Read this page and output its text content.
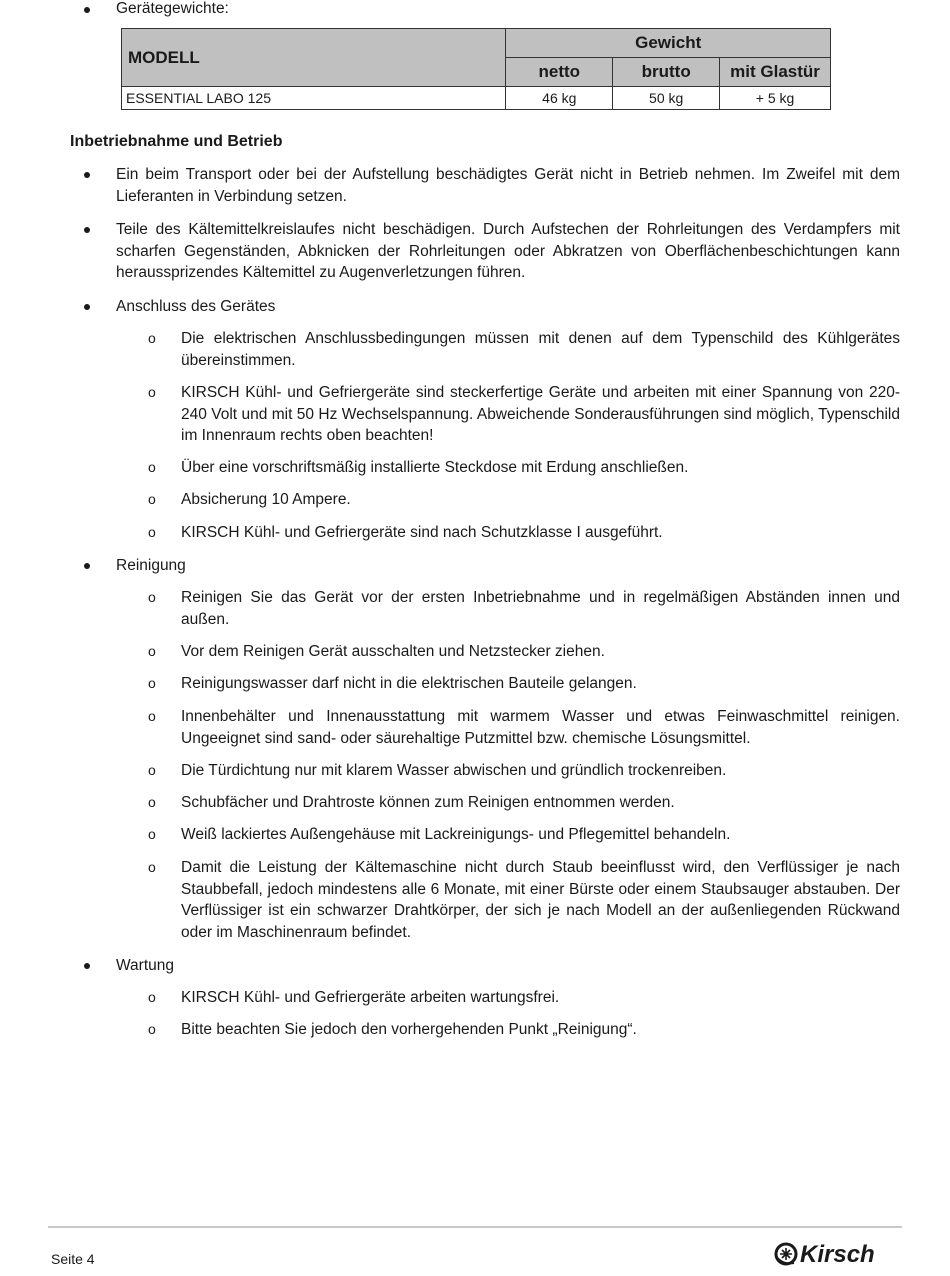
Gerätegewichte:
MODELL	Gewicht		
	netto	brutto	mit Glastür
ESSENTIAL LABO 125	46 kg	50 kg	+ 5 kg
Inbetriebnahme und Betrieb
Ein beim Transport oder bei der Aufstellung beschädigtes Gerät nicht in Betrieb nehmen. Im Zweifel mit dem Lieferanten in Verbindung setzen.
Teile des Kältemittelkreislaufes nicht beschädigen. Durch Aufstechen der Rohrleitungen des Verdampfers mit scharfen Gegenständen, Abknicken der Rohrleitungen oder Abkratzen von Oberflächenbeschichtungen kann heraussprizendes Kältemittel zu Augenverletzungen führen.
Anschluss des Gerätes
o Die elektrischen Anschlussbedingungen müssen mit denen auf dem Typenschild des Kühlgerätes übereinstimmen.
o KIRSCH Kühl- und Gefriergeräte sind steckerfertige Geräte und arbeiten mit einer Spannung von 220-240 Volt und mit 50 Hz Wechselspannung. Abweichende Sonderausführungen sind möglich, Typenschild im Innenraum rechts oben beachten!
o Über eine vorschriftsmäßig installierte Steckdose mit Erdung anschließen.
o Absicherung 10 Ampere.
o KIRSCH Kühl- und Gefriergeräte sind nach Schutzklasse I ausgeführt.
Reinigung
o Reinigen Sie das Gerät vor der ersten Inbetriebnahme und in regelmäßigen Abständen innen und außen.
o Vor dem Reinigen Gerät ausschalten und Netzstecker ziehen.
o Reinigungswasser darf nicht in die elektrischen Bauteile gelangen.
o Innenbehälter und Innenausstattung mit warmem Wasser und etwas Feinwaschmittel reinigen. Ungeeignet sind sand- oder säurehaltige Putzmittel bzw. chemische Lösungsmittel.
o Die Türdichtung nur mit klarem Wasser abwischen und gründlich trockenreiben.
o Schubfächer und Drahtroste können zum Reinigen entnommen werden.
o Weiß lackiertes Außengehäuse mit Lackreinigungs- und Pflegemittel behandeln.
o Damit die Leistung der Kältemaschine nicht durch Staub beeinflusst wird, den Verflüssiger je nach Staubbefall, jedoch mindestens alle 6 Monate, mit einer Bürste oder einem Staubsauger abstauben. Der Verflüssiger ist ein schwarzer Drahtkörper, der sich je nach Modell an der außenliegenden Rückwand oder im Maschinenraum befindet.
Wartung
o KIRSCH Kühl- und Gefriergeräte arbeiten wartungsfrei.
o Bitte beachten Sie jedoch den vorhergehenden Punkt „Reinigung“.
Seite 4	Kirsch
